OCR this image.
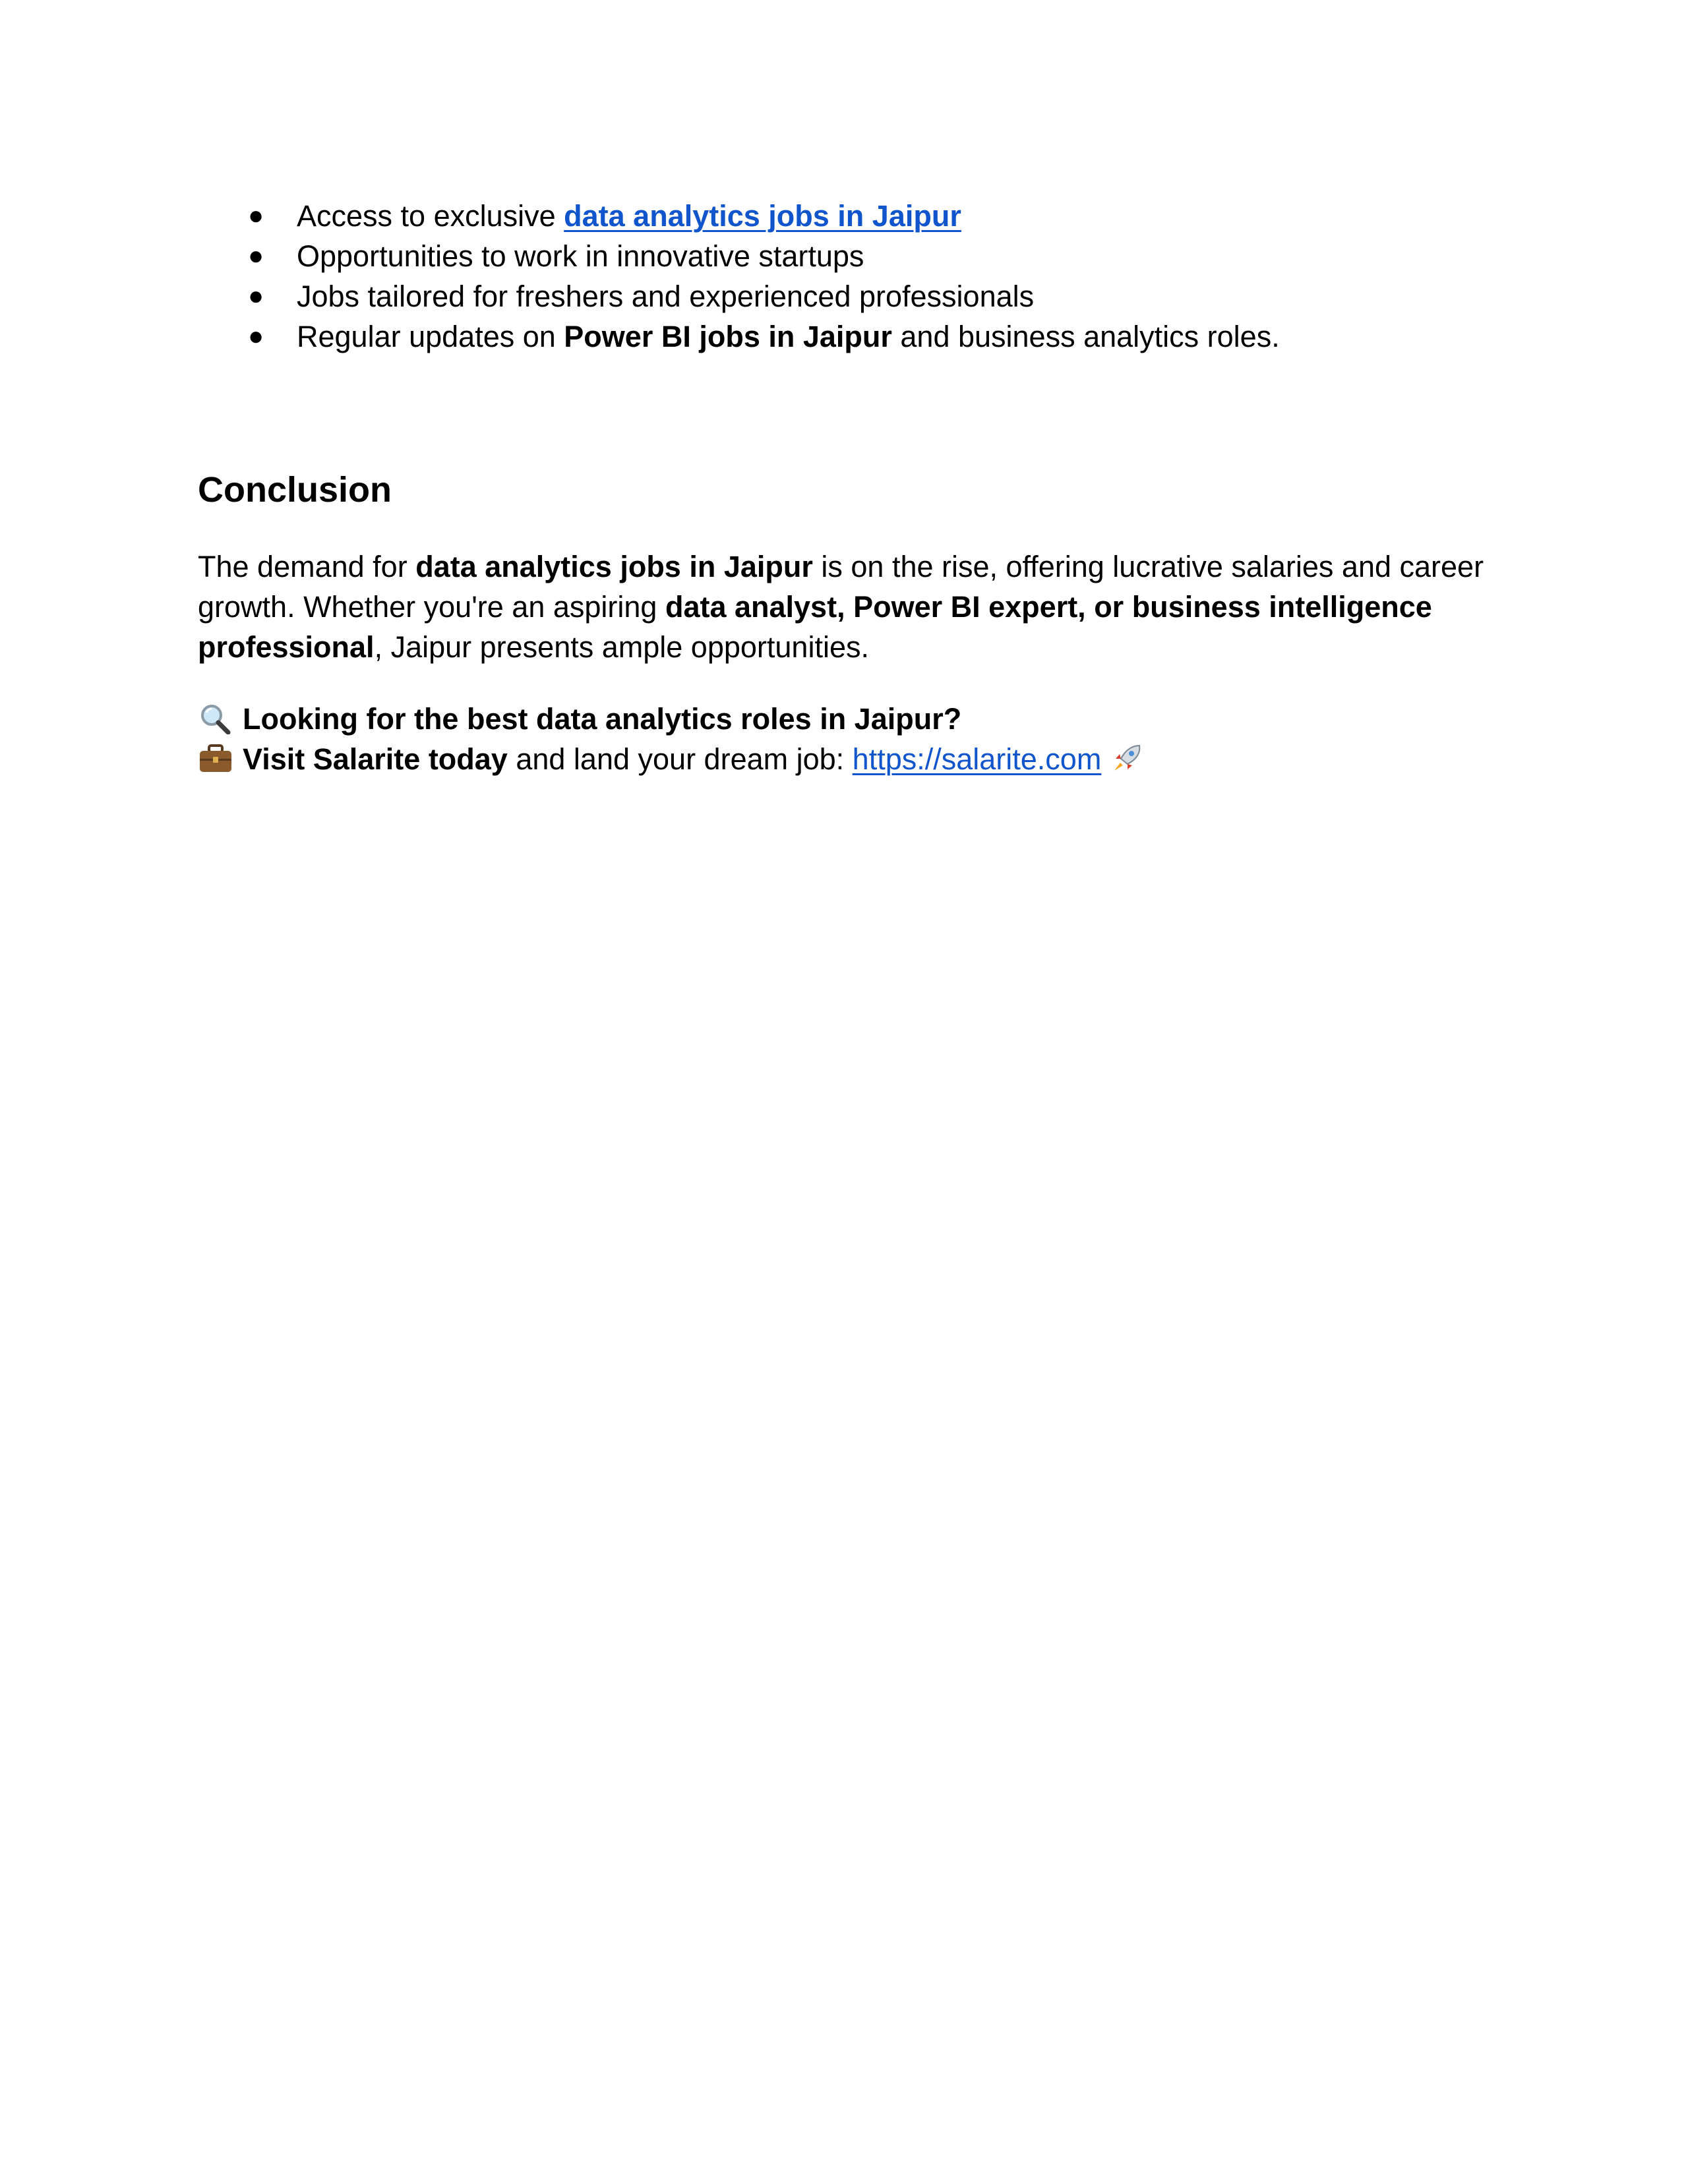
● Access to exclusive data analytics jobs in Jaipur
● Opportunities to work in innovative startups
● Jobs tailored for freshers and experienced professionals
● Regular updates on Power BI jobs in Jaipur and business analytics roles.
Conclusion

The demand for data analytics jobs in Jaipur is on the rise, offering lucrative salaries and career growth. Whether you're an aspiring data analyst, Power BI expert, or business intelligence professional, Jaipur presents ample opportunities.

Looking for the best data analytics roles in Jaipur?
Visit Salarite today and land your dream job: https://salarite.com
